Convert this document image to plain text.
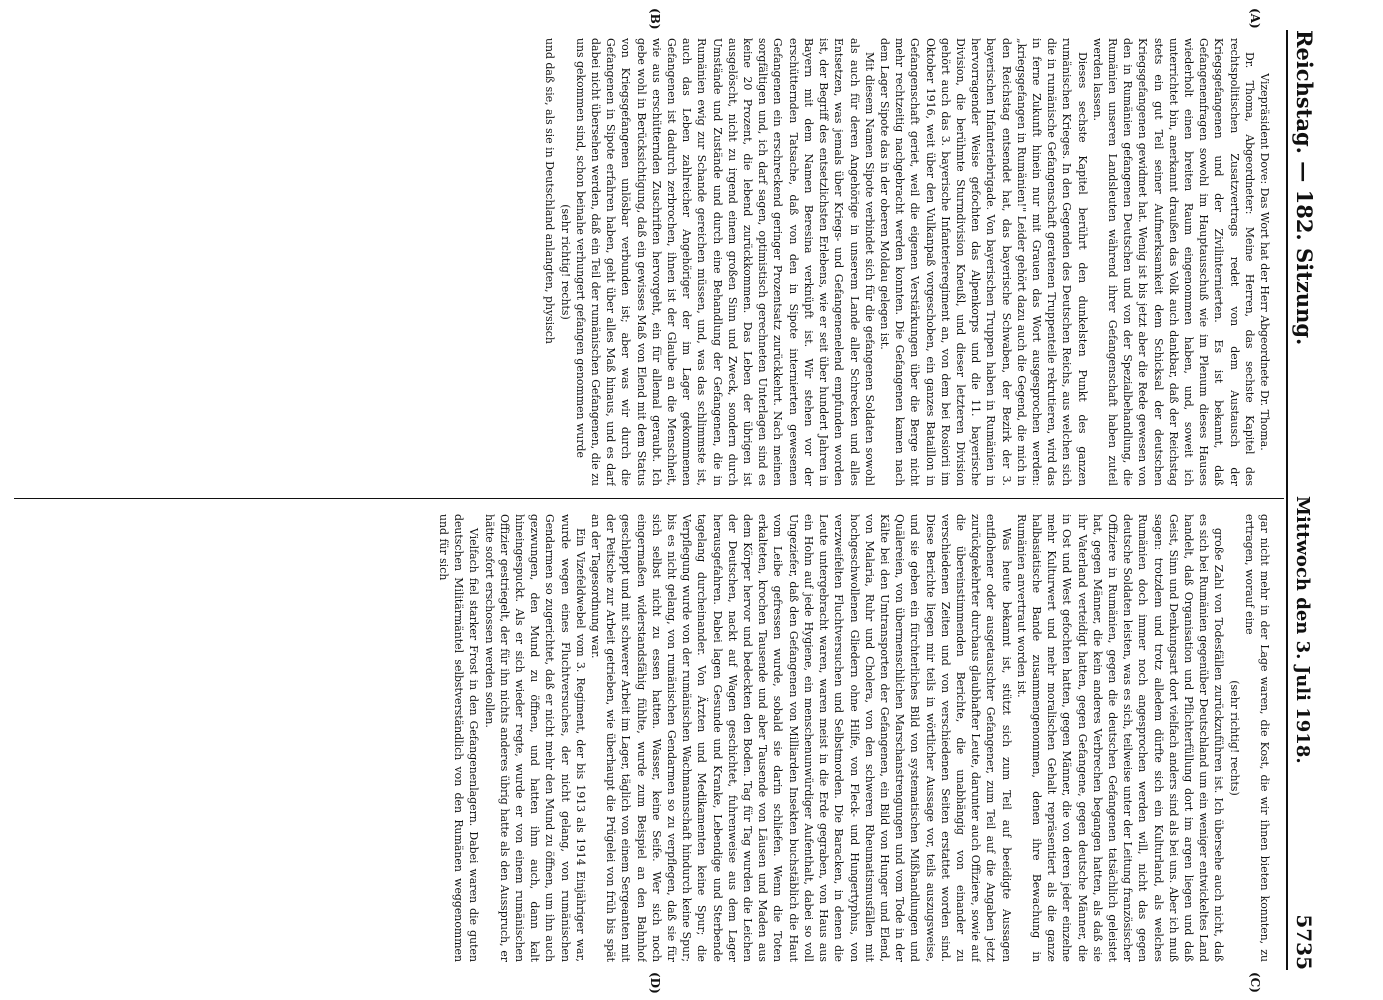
Reichstag. — 182. Sitzung.
Mittwoch den 3. Juli 1918.
5735
(A)
(B)
(C)
(D)

Vizepräsident Dove: Das Wort hat der Herr Abgeordnete Dr. Thoma.

Dr. Thoma, Abgeordneter: Meine Herren, das sechste Kapitel des rechtspolitischen Zusatzvertrags redet von dem Austausch der Kriegsgefangenen und der Zivilinternierten. Es ist bekannt, daß Gefangenenfragen sowohl im Hauptausschuß wie im Plenum dieses Hauses wiederholt einen breiten Raum eingenommen haben, und, soweit ich unterrichtet bin, anerkannt draußen das Volk auch dankbar, daß der Reichstag stets ein gut Teil seiner Aufmerksamkeit dem Schicksal der deutschen Kriegsgefangenen gewidmet hat. Wenig ist bis jetzt aber die Rede gewesen von den in Rumänien gefangenen Deutschen und von der Spezialbehandlung, die Rumänien unseren Landsleuten während ihrer Gefangenschaft haben zuteil werden lassen.

Dieses sechste Kapitel berührt den dunkelsten Punkt des ganzen rumänischen Krieges. In den Gegenden des Deutschen Reichs, aus welchen sich die in rumänische Gefangenschaft geratenen Truppenteile rekrutieren, wird das in ferne Zukunft hinein nur mit Grauen das Wort ausgesprochen werden: „kriegsgefangen in Rumänien!" Leider gehört dazu auch die Gegend, die mich in den Reichstag entsendet hat, das bayerische Schwaben, der Bezirk der 3. bayerischen Infanteriebrigade. Von bayerischen Truppen haben in Rumänien in hervorragender Weise gefochten das Alpenkorps und die 11. bayerische Division, die berühmte Sturmdivision Kneußl, und dieser letzteren Division gehört auch das 3. bayerische Infanterieregiment an, von dem bei Rosiorii im Oktober 1916, weit über den Vulkanpaß vorgeschoben, ein ganzes Bataillon in Gefangenschaft geriet, weil die eigenen Verstärkungen über die Berge nicht mehr rechtzeitig nachgebracht werden konnten. Die Gefangenen kamen nach dem Lager Sipote das in der oberen Moldau gelegen ist.

Mit diesem Namen Sipote verbindet sich für die gefangenen Soldaten sowohl als auch für deren Angehörige in unserem Lande aller Schrecken und alles Entsetzen, was jemals über Kriegs- und Gefangenenelend empfunden worden ist, der Begriff des entsetzlichsten Erlebens, wie er seit über hundert Jahren in Bayern mit dem Namen Beresina verknüpft ist. Wir stehen vor der erschütternden Tatsache, daß von den in Sipote internierten gewesenen Gefangenen ein erschreckend geringer Prozentsatz zurückkehrt. Nach meinen sorgfältigen und, ich darf sagen, optimistisch gerechneten Unterlagen sind es keine 20 Prozent, die lebend zurückkommen. Das Leben der übrigen ist ausgelöscht, nicht zu irgend einem großen Sinn und Zweck, sondern durch Umstände und Zustände und durch eine Behandlung der Gefangenen, die in Rumänien ewig zur Schande gereichen müssen, und, was das schlimmste ist, auch das Leben zahlreicher Angehöriger der im Lager gekommenen Gefangenen ist dadurch zerbrochen, ihnen ist der Glaube an die Menschheit, wie aus erschütternden Zuschriften hervorgeht, ein für allemal geraubt. Ich gebe wohl in Berücksichtigung, daß ein gewisses Maß von Elend mit dem Status von Kriegsgefangenen unlösbar verbunden ist; aber was wir durch die Gefangenen in Sipote erfahren haben, geht über alles Maß hinaus, und es darf dabei nicht übersehen werden, daß ein Teil der rumänischen Gefangenen, die zu uns gekommen sind, schon beinahe verhungert gefangen genommen wurde

(sehr richtig! rechts)

und daß sie, als sie in Deutschland anlangten, physisch

gar nicht mehr in der Lage waren, die Kost, die wir ihnen bieten konnten, zu ertragen, worauf eine

(sehr richtig! rechts)

große Zahl von Todesfällen zurückzuführen ist. Ich übersehe auch nicht, daß es sich bei Rumänien gegenüber Deutschland um ein weniger entwickeltes Land handelt, daß Organisation und Pflichterfüllung dort im argen liegen und daß Geist, Sinn und Denkungsart dort vielfach anders sind als bei uns. Aber ich muß sagen: trotzdem und trotz alledem dürfte sich ein Kulturland, als welches Rumänien doch immer noch angesprochen werden will, nicht das gegen deutsche Soldaten leisten, was es sich, teilweise unter der Leitung französischer Offiziere in Rumänien, gegen die deutschen Gefangenen tatsächlich geleistet hat, gegen Männer, die kein anderes Verbrechen begangen hatten, als daß sie ihr Vaterland verteidigt hatten, gegen Gefangene, gegen deutsche Männer, die in Ost und West gefochten hatten, gegen Männer, die von deren jeder einzelne mehr Kulturwert und mehr moralischen Gehalt repräsentiert als die ganze halbasiatische Bande zusammengenommen, denen ihre Bewachung in Rumänien anvertraut worden ist.

Was heute bekannt ist, stützt sich zum Teil auf beeidigte Aussagen entflohener oder ausgetauschter Gefangener, zum Teil auf die Angaben jetzt zurückgekehrter durchaus glaubhafter Leute, darunter auch Offiziere, sowie auf die übereinstimmenden Berichte, die unabhängig von einander zu verschiedenen Zeiten und von verschiedenen Seiten erstattet worden sind. Diese Berichte liegen mir teils in wörtlicher Aussage vor, teils auszugsweise, und sie geben ein fürchterliches Bild von systematischen Mißhandlungen und Quälereien, von übermenschlichen Marschanstrengungen und vom Tode in der Kälte bei den Umtransporten der Gefangenen, ein Bild von Hunger und Elend, von Malaria, Ruhr und Cholera, von den schweren Rheumatismusfällen mit hochgeschwollenen Gliedern ohne Hilfe, von Fleck- und Hungertyphus, von verzweifelten Fluchtversuchen und Selbstmorden. Die Baracken, in denen die Leute untergebracht waren, waren meist in die Erde gegraben, von Haus aus ein Hohn auf jede Hygiene, ein menschenunwürdiger Aufenthalt, dabei so voll Ungeziefer, daß den Gefangenen von Milliarden Insekten buchstäblich die Haut vom Leibe gefressen wurde, sobald sie darin schliefen. Wenn die Toten erkalteten, krochen Tausende und aber Tausende von Läusen und Maden aus dem Körper hervor und bedeckten den Boden. Tag für Tag wurden die Leichen der Deutschen, nackt auf Wagen geschichtet, fuhrenweise aus dem Lager herausgefahren. Dabei lagen Gesunde und Kranke, Lebendige und Sterbende tagelang durcheinander. Von Ärzten und Medikamenten keine Spur; die Verpflegung wurde von der rumänischen Wachmannschaft hindurch keine Spur; bis es nicht gelang, von rumänischen Gendarmen so zu verpflegen, daß sie für sich selbst nicht zu essen hatten. Wasser, keine Seife. Wer sich noch eingermaßen widerstandsfähig fühlte, wurde zum Beispiel an den Bahnhof geschleppt und mit schwerer Arbeit im Lager, täglich von einem Sergeanten mit der Peitsche zur Arbeit getrieben, wie überhaupt die Prügelei von früh bis spät an der Tagesordnung war.

Ein Vizefeldwebel vom 3. Regiment, der bis 1913 als 1914 Einjähriger war, wurde wegen eines Fluchtversuches, der nicht gelang, von rumänischen Gendarmen so zugerichtet, daß er nicht mehr den Mund zu öffnen, um ihn auch gezwungen, den Mund zu öffnen, und hatten ihm auch, dann kalt hineingespuckt. Als er sich wieder regte, wurde er von einem rumänischen Offizier gestriegelt, der für ihn nichts anderes übrig hatte als den Ausspruch, er hätte sofort erschossen werden sollen.

Vielfach fiel starker Frost in den Gefangenenlagern. Dabei waren die guten deutschen Militärmäntel selbstverständlich von den Rumänen weggenommen und für sich
